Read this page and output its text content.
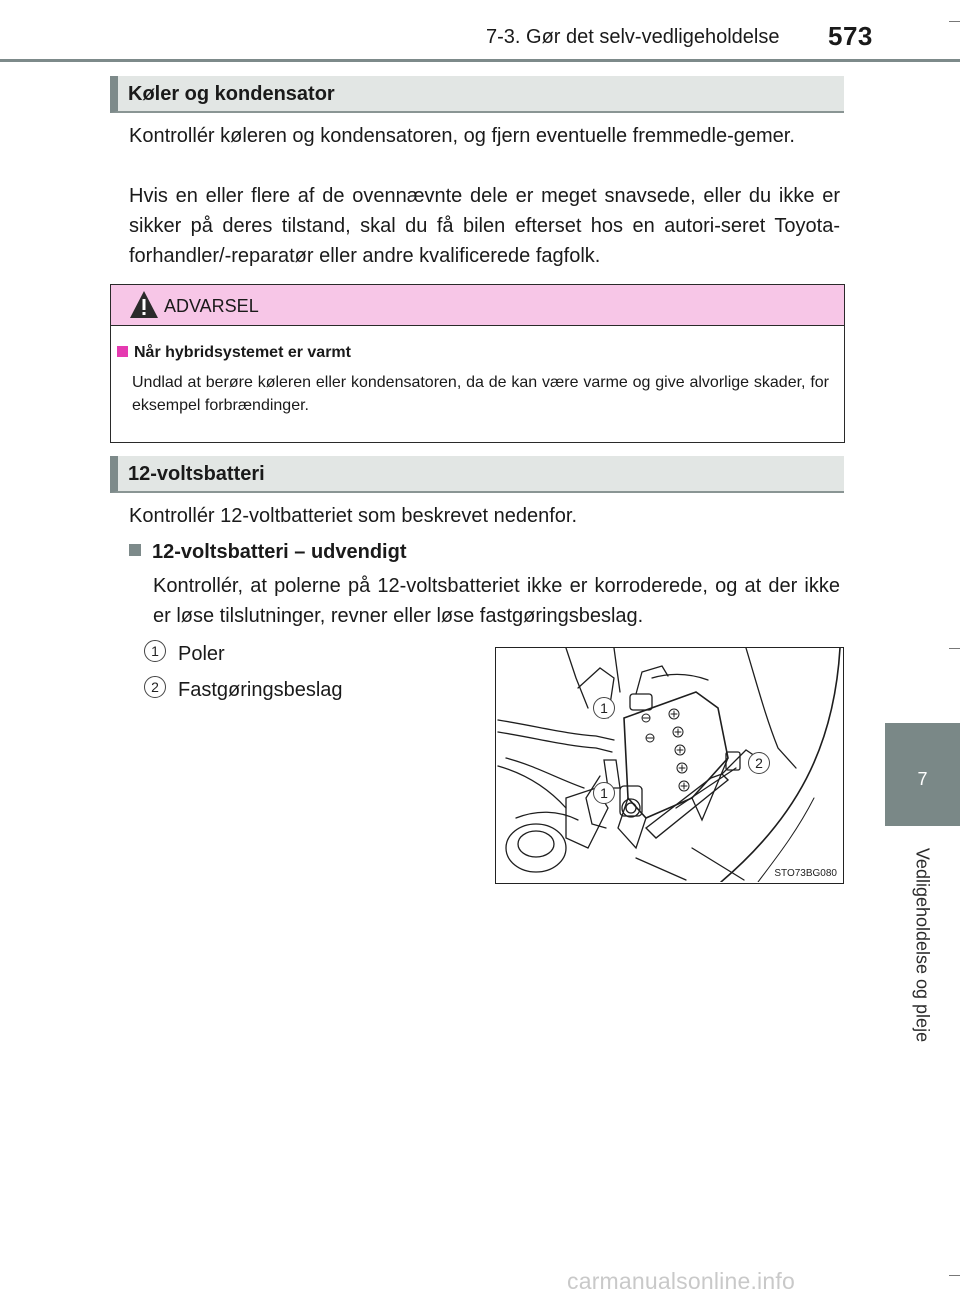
7-3. Gør det selv-vedligeholdelse 573
7
Vedligeholdelse og pleje
Køler og kondensator
Kontrollér køleren og kondensatoren, og fjern eventuelle fremmedle-gemer.
Hvis en eller flere af de ovennævnte dele er meget snavsede, eller du ikke er sikker på deres tilstand, skal du få bilen efterset hos en autori-seret Toyota-forhandler/-reparatør eller andre kvalificerede fagfolk.
ADVARSEL
Når hybridsystemet er varmt
Undlad at berøre køleren eller kondensatoren, da de kan være varme og give alvorlige skader, for eksempel forbrændinger.
12-voltsbatteri
Kontrollér 12-voltbatteriet som beskrevet nedenfor.
12-voltsbatteri – udvendigt
Kontrollér, at polerne på 12-voltsbatteriet ikke er korroderede, og at der ikke er løse tilslutninger, revner eller løse fastgøringsbeslag.
1 Poler
2 Fastgøringsbeslag
1
2
1
STO73BG080
carmanualsonline.info
